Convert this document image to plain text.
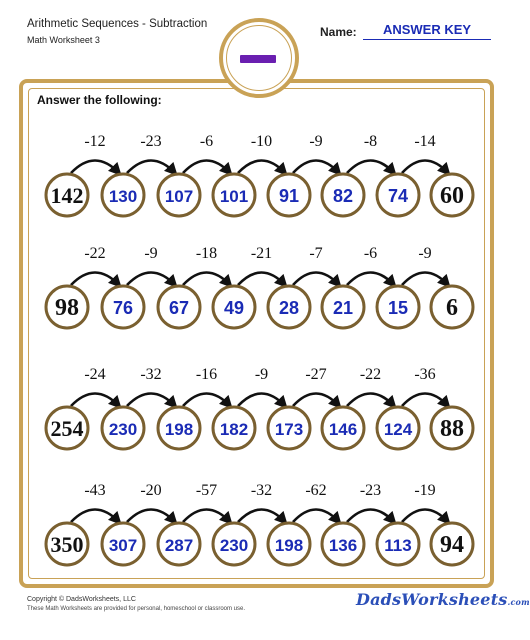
Arithmetic Sequences - Subtraction
Math Worksheet 3
Name:	ANSWER KEY
Answer the following:
-12 -23 -6 -10 -9	-8 -14
142 130 107 101 91 82 74 60
-22 -9 -18 -21 -7	-6	-9
98 76 67 49 28 21 15 6
-24 -32 -16 -9 -27 -22 -36
254 230 198 182 173 146 124 88
-43 -20 -57 -32 -62 -23 -19
350 307 287 230 198 136 113 94
Copyright © DadsWorksheets, LLC
These Math Worksheets are provided for personal, homeschool or classroom use.	DadsWorksheets.com
